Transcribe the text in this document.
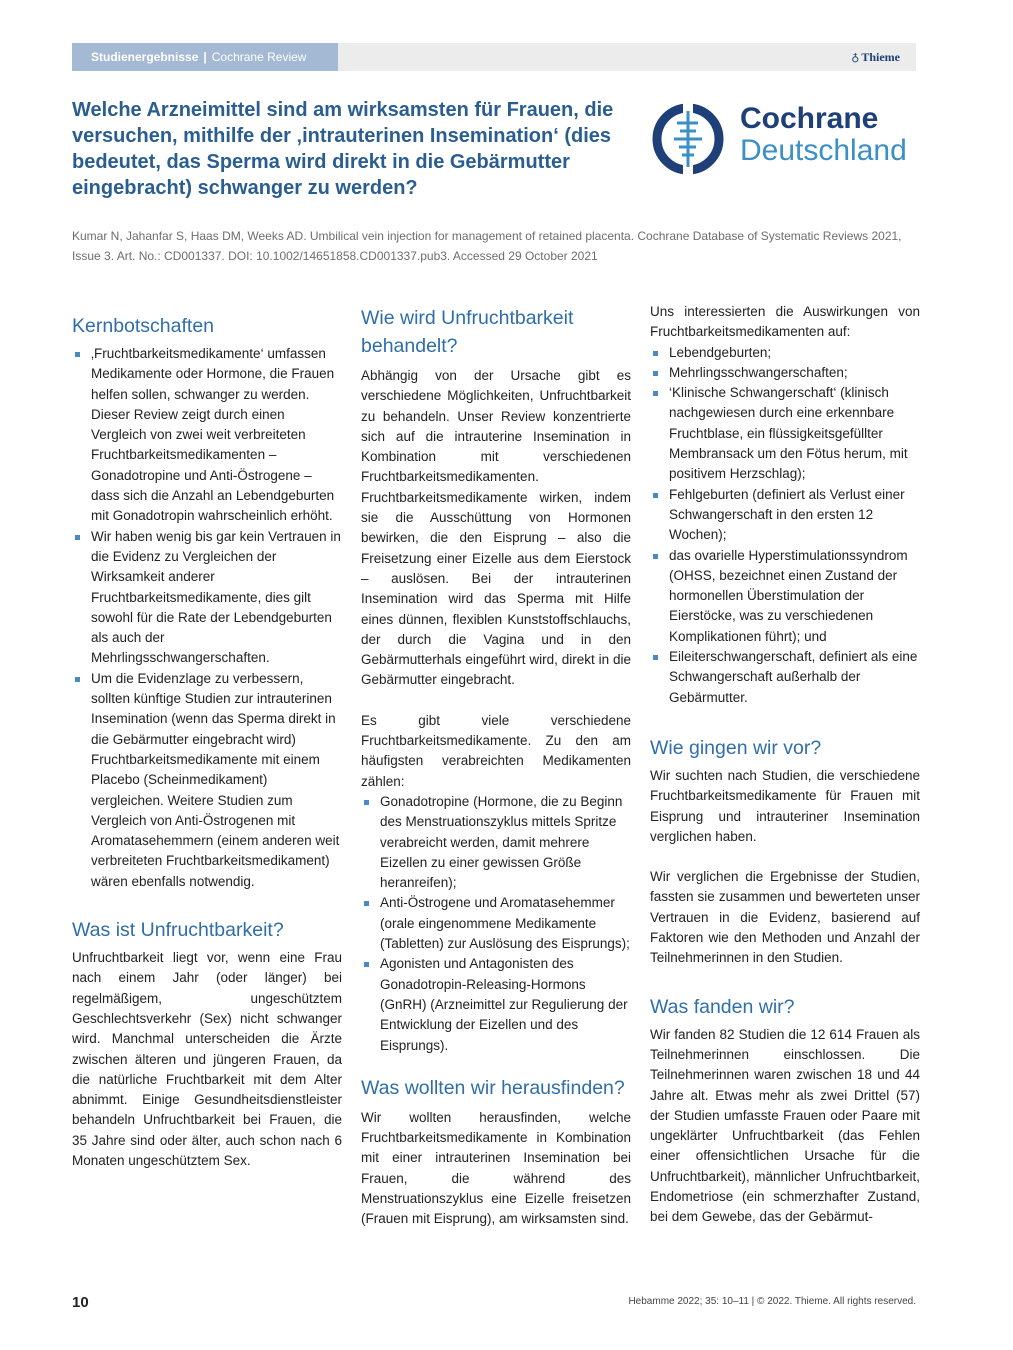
Studienergebnisse | Cochrane Review	♁ Thieme
Welche Arzneimittel sind am wirksamsten für Frauen, die versuchen, mithilfe der ‚intrauterinen Insemination‘ (dies bedeutet, das Sperma wird direkt in die Gebärmutter eingebracht) schwanger zu werden?
Cochrane
Deutschland

Kumar N, Jahanfar S, Haas DM, Weeks AD. Umbilical vein injection for management of retained placenta. Cochrane Database of Systematic Reviews 2021, Issue 3. Art. No.: CD001337. DOI: 10.1002/14651858.CD001337.pub3. Accessed 29 October 2021

Kernbotschaften
‚Fruchtbarkeitsmedikamente‘ umfassen Medikamente oder Hormone, die Frauen helfen sollen, schwanger zu werden. Dieser Review zeigt durch einen Vergleich von zwei weit verbreiteten Fruchtbarkeitsmedikamenten – Gonadotropine und Anti-Östrogene – dass sich die Anzahl an Lebendgeburten mit Gonadotropin wahrscheinlich erhöht.
Wir haben wenig bis gar kein Vertrauen in die Evidenz zu Vergleichen der Wirksamkeit anderer Fruchtbarkeitsmedikamente, dies gilt sowohl für die Rate der Lebendgeburten als auch der Mehrlingsschwangerschaften.
Um die Evidenzlage zu verbessern, sollten künftige Studien zur intrauterinen Insemination (wenn das Sperma direkt in die Gebärmutter eingebracht wird) Fruchtbarkeitsmedikamente mit einem Placebo (Scheinmedikament) vergleichen. Weitere Studien zum Vergleich von Anti-Östrogenen mit Aromatasehemmern (einem anderen weit verbreiteten Fruchtbarkeitsmedikament) wären ebenfalls notwendig.
Was ist Unfruchtbarkeit?

Unfruchtbarkeit liegt vor, wenn eine Frau nach einem Jahr (oder länger) bei regelmäßigem, ungeschütztem Geschlechtsverkehr (Sex) nicht schwanger wird. Manchmal unterscheiden die Ärzte zwischen älteren und jüngeren Frauen, da die natürliche Fruchtbarkeit mit dem Alter abnimmt. Einige Gesundheitsdienstleister behandeln Unfruchtbarkeit bei Frauen, die 35 Jahre sind oder älter, auch schon nach 6 Monaten ungeschütztem Sex.

Wie wird Unfruchtbarkeit behandelt?

Abhängig von der Ursache gibt es verschiedene Möglichkeiten, Unfruchtbarkeit zu behandeln. Unser Review konzentrierte sich auf die intrauterine Insemination in Kombination mit verschiedenen Fruchtbarkeitsmedikamenten. Fruchtbarkeitsmedikamente wirken, indem sie die Ausschüttung von Hormonen bewirken, die den Eisprung – also die Freisetzung einer Eizelle aus dem Eierstock – auslösen. Bei der intrauterinen Insemination wird das Sperma mit Hilfe eines dünnen, flexiblen Kunststoffschlauchs, der durch die Vagina und in den Gebärmutterhals eingeführt wird, direkt in die Gebärmutter eingebracht.

Es gibt viele verschiedene Fruchtbarkeitsmedikamente. Zu den am häufigsten verabreichten Medikamenten zählen:

Gonadotropine (Hormone, die zu Beginn des Menstruationszyklus mittels Spritze verabreicht werden, damit mehrere Eizellen zu einer gewissen Größe heranreifen);
Anti-Östrogene und Aromatasehemmer (orale eingenommene Medikamente (Tabletten) zur Auslösung des Eisprungs);
Agonisten und Antagonisten des Gonadotropin-Releasing-Hormons (GnRH) (Arzneimittel zur Regulierung der Entwicklung der Eizellen und des Eisprungs).
Was wollten wir herausfinden?

Wir wollten herausfinden, welche Fruchtbarkeitsmedikamente in Kombination mit einer intrauterinen Insemination bei Frauen, die während des Menstruationszyklus eine Eizelle freisetzen (Frauen mit Eisprung), am wirksamsten sind.

Uns interessierten die Auswirkungen von Fruchtbarkeitsmedikamenten auf:

Lebendgeburten;
Mehrlingsschwangerschaften;
‘Klinische Schwangerschaft‘ (klinisch nachgewiesen durch eine erkennbare Fruchtblase, ein flüssigkeitsgefüllter Membransack um den Fötus herum, mit positivem Herzschlag);
Fehlgeburten (definiert als Verlust einer Schwangerschaft in den ersten 12 Wochen);
das ovarielle Hyperstimulationssyndrom (OHSS, bezeichnet einen Zustand der hormonellen Überstimulation der Eierstöcke, was zu verschiedenen Komplikationen führt); und
Eileiterschwangerschaft, definiert als eine Schwangerschaft außerhalb der Gebärmutter.
Wie gingen wir vor?

Wir suchten nach Studien, die verschiedene Fruchtbarkeitsmedikamente für Frauen mit Eisprung und intrauteriner Insemination verglichen haben.

Wir verglichen die Ergebnisse der Studien, fassten sie zusammen und bewerteten unser Vertrauen in die Evidenz, basierend auf Faktoren wie den Methoden und Anzahl der Teilnehmerinnen in den Studien.

Was fanden wir?

Wir fanden 82 Studien die 12 614 Frauen als Teilnehmerinnen einschlossen. Die Teilnehmerinnen waren zwischen 18 und 44 Jahre alt. Etwas mehr als zwei Drittel (57) der Studien umfasste Frauen oder Paare mit ungeklärter Unfruchtbarkeit (das Fehlen einer offensichtlichen Ursache für die Unfruchtbarkeit), männlicher Unfruchtbarkeit, Endometriose (ein schmerzhafter Zustand, bei dem Gewebe, das der Gebärmut-

10	Hebamme 2022; 35: 10–11 | © 2022. Thieme. All rights reserved.
